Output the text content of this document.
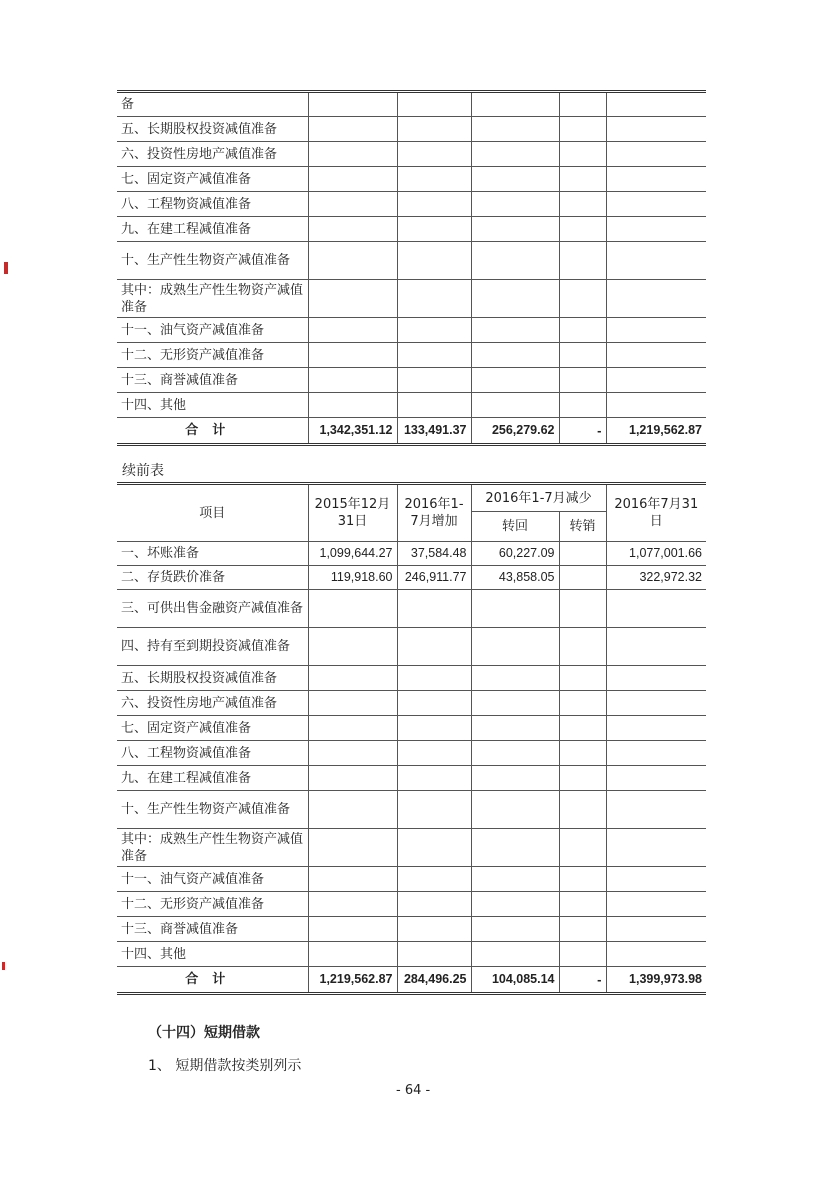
备					
五、长期股权投资减值准备					
六、投资性房地产减值准备					
七、固定资产减值准备					
八、工程物资减值准备					
九、在建工程减值准备					
十、生产性生物资产减值准备					
其中：成熟生产性生物资产减值准备					
十一、油气资产减值准备					
十二、无形资产减值准备					
十三、商誉减值准备					
十四、其他					
合计	1,342,351.12	133,491.37	256,279.62	-	1,219,562.87
续前表
项目	2015年12月31日	2016年1-7月增加	2016年1-7月减少		2016年7月31日
			转回	转销	
一、坏账准备	1,099,644.27	37,584.48	60,227.09		1,077,001.66
二、存货跌价准备	119,918.60	246,911.77	43,858.05		322,972.32
三、可供出售金融资产减值准备					
四、持有至到期投资减值准备					
五、长期股权投资减值准备					
六、投资性房地产减值准备					
七、固定资产减值准备					
八、工程物资减值准备					
九、在建工程减值准备					
十、生产性生物资产减值准备					
其中：成熟生产性生物资产减值准备					
十一、油气资产减值准备					
十二、无形资产减值准备					
十三、商誉减值准备					
十四、其他					
合计	1,219,562.87	284,496.25	104,085.14	-	1,399,973.98
（十四）短期借款
1、 短期借款按类别列示
- 64 -
